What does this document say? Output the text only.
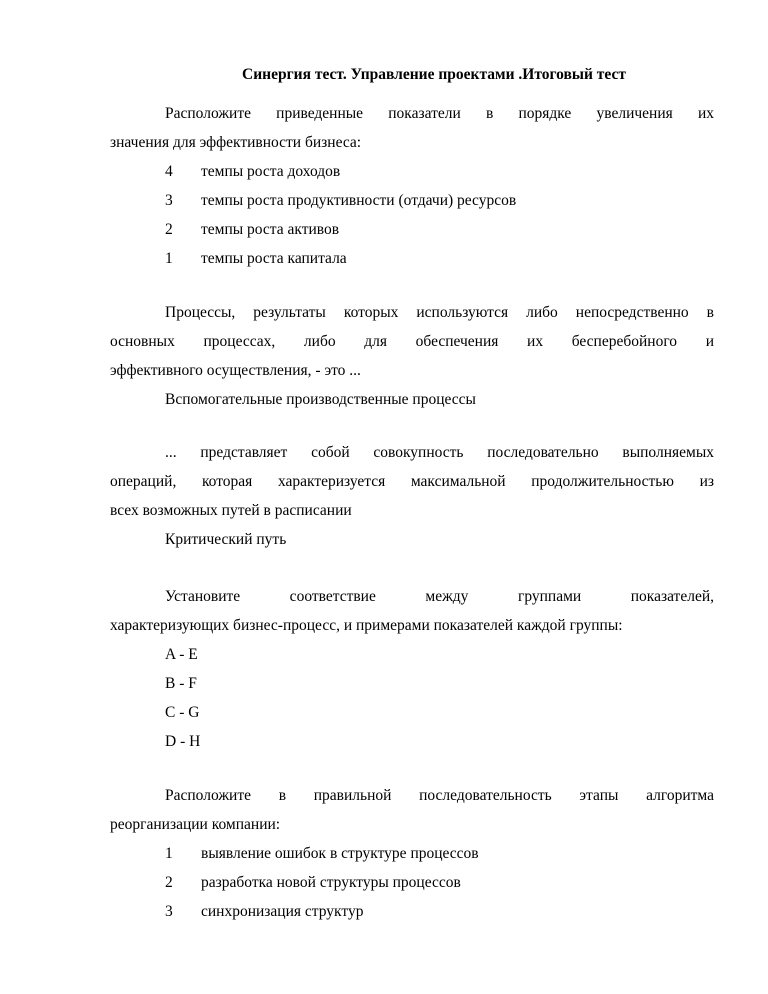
Синергия тест. Управление проектами .Итоговый тест
Расположите приведенные показатели в порядке увеличения их
значения для эффективности бизнеса:
4	темпы роста доходов
3	темпы роста продуктивности (отдачи) ресурсов
2	темпы роста активов
1	темпы роста капитала
Процессы, результаты которых используются либо непосредственно в
основных процессах, либо для обеспечения их бесперебойного и
эффективного осуществления, - это ...
Вспомогательные производственные процессы
... представляет собой совокупность последовательно выполняемых
операций, которая характеризуется максимальной продолжительностью из
всех возможных путей в расписании
Критический путь
Установите соответствие между группами показателей,
характеризующих бизнес-процесс, и примерами показателей каждой группы:
A - E
B - F
C - G
D - H
Расположите в правильной последовательность этапы алгоритма
реорганизации компании:
1	выявление ошибок в структуре процессов
2	разработка новой структуры процессов
3	синхронизация структур
